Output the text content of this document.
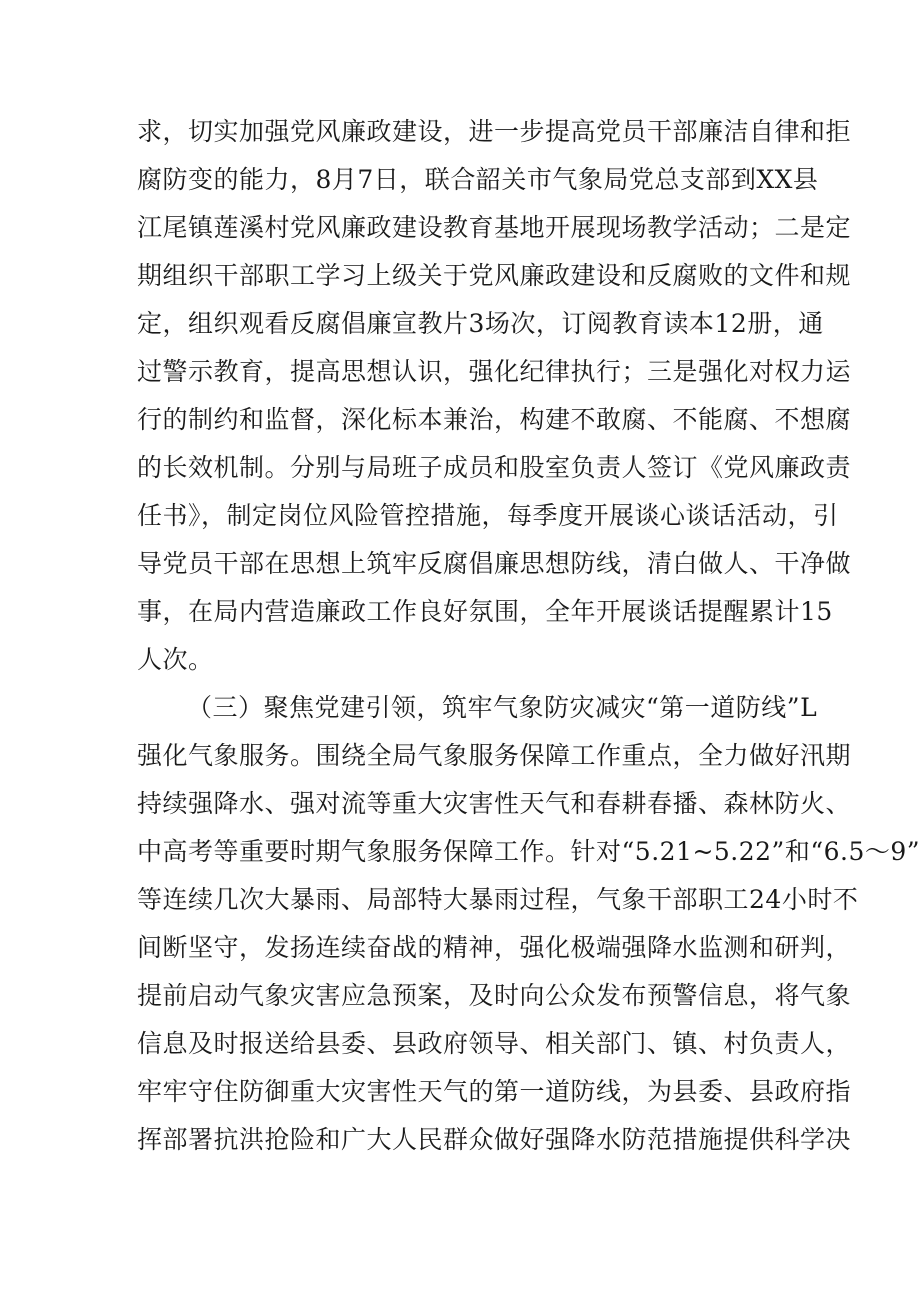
求，切实加强党风廉政建设，进一步提高党员干部廉洁自律和拒
腐防变的能力，8月7日，联合韶关市气象局党总支部到XX县
江尾镇莲溪村党风廉政建设教育基地开展现场教学活动；二是定
期组织干部职工学习上级关于党风廉政建设和反腐败的文件和规
定，组织观看反腐倡廉宣教片3场次，订阅教育读本12册，通
过警示教育，提高思想认识，强化纪律执行；三是强化对权力运
行的制约和监督，深化标本兼治，构建不敢腐、不能腐、不想腐
的长效机制。分别与局班子成员和股室负责人签订《党风廉政责
任书》，制定岗位风险管控措施，每季度开展谈心谈话活动，引
导党员干部在思想上筑牢反腐倡廉思想防线，清白做人、干净做
事，在局内营造廉政工作良好氛围，全年开展谈话提醒累计15
人次。
（三）聚焦党建引领，筑牢气象防灾减灾“第一道防线”L
强化气象服务。围绕全局气象服务保障工作重点，全力做好汛期
持续强降水、强对流等重大灾害性天气和春耕春播、森林防火、
中高考等重要时期气象服务保障工作。针对“5.21~5.22”和“6.5～9”
等连续几次大暴雨、局部特大暴雨过程，气象干部职工24小时不
间断坚守，发扬连续奋战的精神，强化极端强降水监测和研判，
提前启动气象灾害应急预案，及时向公众发布预警信息，将气象
信息及时报送给县委、县政府领导、相关部门、镇、村负责人，
牢牢守住防御重大灾害性天气的第一道防线，为县委、县政府指
挥部署抗洪抢险和广大人民群众做好强降水防范措施提供科学决
